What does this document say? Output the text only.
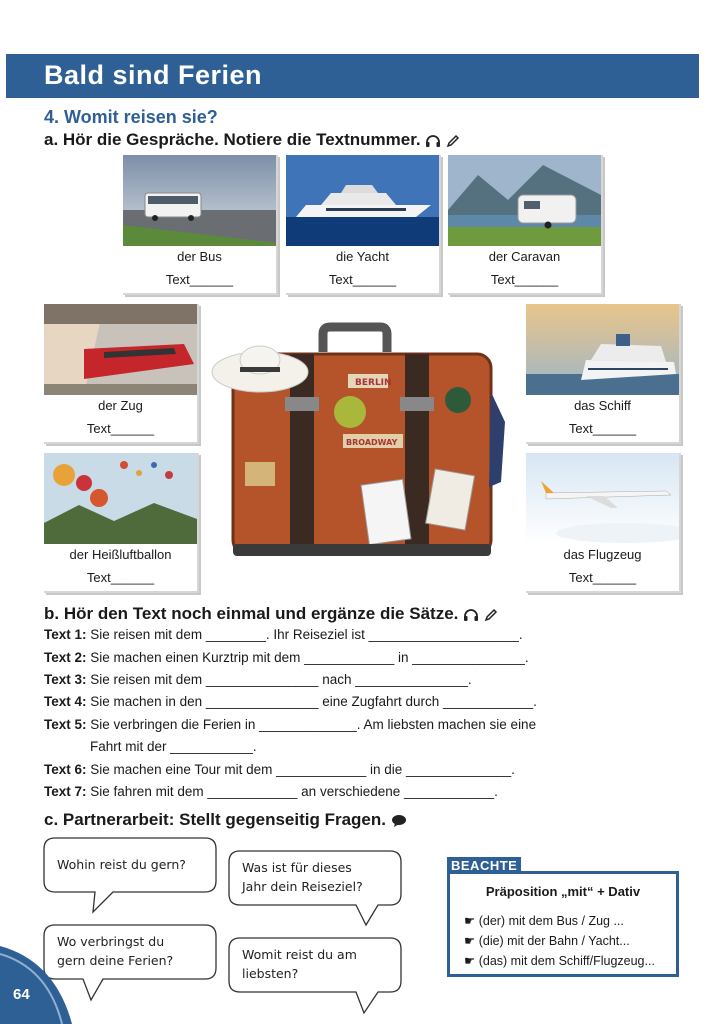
Bald sind Ferien
4. Womit reisen sie?
a. Hör die Gespräche. Notiere die Textnummer.

der Bus
Text______
die Yacht
Text______
der Caravan
Text______
der Zug
Text______
das Schiff
Text______
der Heißluftballon
Text______
das Flugzeug
Text______
BERLIN
BROADWAY
b. Hör den Text noch einmal und ergänze die Sätze.

Text 1: Sie reisen mit dem ________. Ihr Reiseziel ist ____________________.
Text 2: Sie machen einen Kurztrip mit dem ____________ in _______________.
Text 3: Sie reisen mit dem _______________ nach _______________.
Text 4: Sie machen in den _______________ eine Zugfahrt durch ____________.
Text 5: Sie verbringen die Ferien in _____________. Am liebsten machen sie eine
Fahrt mit der ___________.
Text 6: Sie machen eine Tour mit dem ____________ in die ______________.
Text 7: Sie fahren mit dem ____________ an verschiedene ____________.
c. Partnerarbeit: Stellt gegenseitig Fragen.
Wohin reist du gern?	Was ist für dieses
Jahr dein Reiseziel?
Wo verbringst du
gern deine Ferien?	Womit reist du am
liebsten?
Präposition „mit“ + Dativ
☛ (der) mit dem Bus / Zug ...
☛ (die) mit der Bahn / Yacht...
☛ (das) mit dem Schiff/Flugzeug...
BEACHTE
64
